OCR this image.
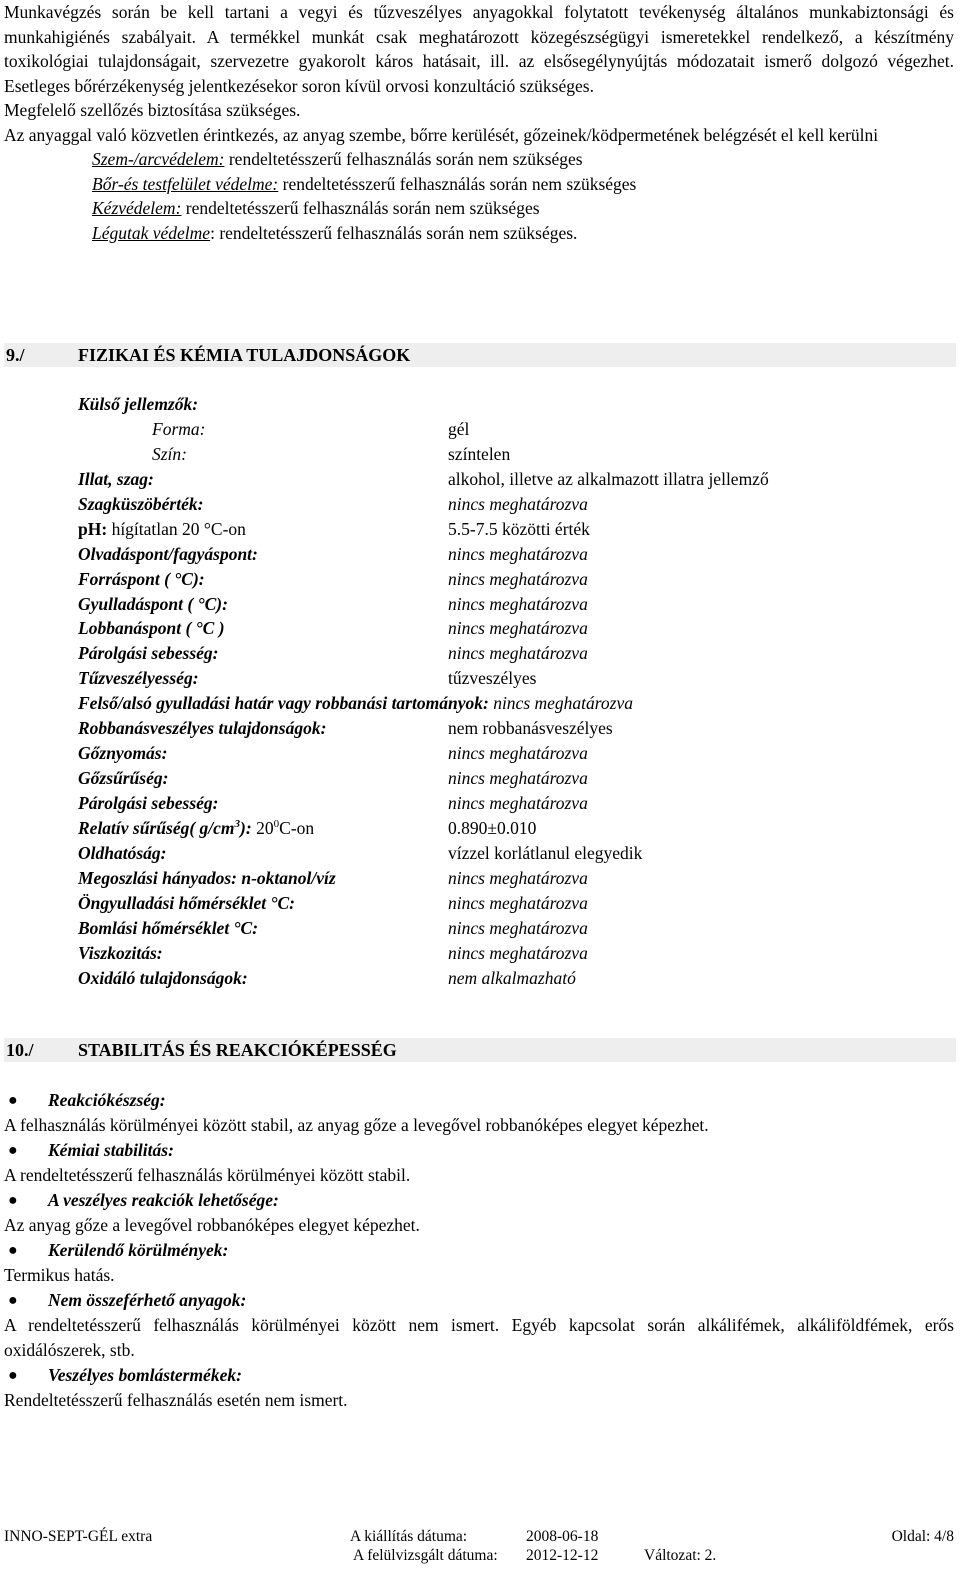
Munkavégzés során be kell tartani a vegyi és tűzveszélyes anyagokkal folytatott tevékenység általános munkabiztonsági és munkahigiénés szabályait. A termékkel munkát csak meghatározott közegészségügyi ismeretekkel rendelkező, a készítmény toxikológiai tulajdonságait, szervezetre gyakorolt káros hatásait, ill. az elsősegélynyújtás módozatait ismerő dolgozó végezhet. Esetleges bőrérzékenység jelentkezésekor soron kívül orvosi konzultáció szükséges.

Megfelelő szellőzés biztosítása szükséges.

Az anyaggal való közvetlen érintkezés, az anyag szembe, bőrre kerülését, gőzeinek/ködpermetének belégzését el kell kerülni

Szem-/arcvédelem: rendeltetésszerű felhasználás során nem szükséges
Bőr-és testfelület védelme: rendeltetésszerű felhasználás során nem szükséges
Kézvédelem: rendeltetésszerű felhasználás során nem szükséges
Légutak védelme: rendeltetésszerű felhasználás során nem szükséges.
9./	FIZIKAI ÉS KÉMIA TULAJDONSÁGOK
Külső jellemzők:
Forma:	gél
Szín:	színtelen
Illat, szag:	alkohol, illetve az alkalmazott illatra jellemző
Szagküszöbérték:	nincs meghatározva
pH: hígítatlan 20 °C-on	5.5-7.5 közötti érték
Olvadáspont/fagyáspont:	nincs meghatározva
Forráspont ( °C):	nincs meghatározva
Gyulladáspont ( °C):	nincs meghatározva
Lobbanáspont ( °C )	nincs meghatározva
Párolgási sebesség:	nincs meghatározva
Tűzveszélyesség:	tűzveszélyes
Felső/alsó gyulladási határ vagy robbanási tartományok: nincs meghatározva
Robbanásveszélyes tulajdonságok:	nem robbanásveszélyes
Gőznyomás:	nincs meghatározva
Gőzsűrűség:	nincs meghatározva
Párolgási sebesség:	nincs meghatározva
Relatív sűrűség( $g/cm^3$): $20^0C-on$	0.890±0.010
Oldhatóság:	vízzel korlátlanul elegyedik
Megoszlási hányados: n-oktanol/víz	nincs meghatározva
Öngyulladási hőmérséklet °C:	nincs meghatározva
Bomlási hőmérséklet °C:	nincs meghatározva
Viszkozitás:	nincs meghatározva
Oxidáló tulajdonságok:	nem alkalmazható
10./ STABILITÁS ÉS REAKCIÓKÉPESSÉG
● Reakciókészség:

A felhasználás körülményei között stabil, az anyag gőze a levegővel robbanóképes elegyet képezhet.

● Kémiai stabilitás:

A rendeltetésszerű felhasználás körülményei között stabil.

● A veszélyes reakciók lehetősége:

Az anyag gőze a levegővel robbanóképes elegyet képezhet.

● Kerülendő körülmények:

Termikus hatás.

● Nem összeférhető anyagok:

A rendeltetésszerű felhasználás körülményei között nem ismert. Egyéb kapcsolat során alkálifémek, alkáliföldfémek, erős oxidálószerek, stb.

● Veszélyes bomlástermékek:

Rendeltetésszerű felhasználás esetén nem ismert.

INNO-SEPT-GÉL extra	A kiállítás dátuma:	2008-06-18	Oldal: 4/8
A felülvizsgált dátuma: 2012-12-12	Változat: 2.
